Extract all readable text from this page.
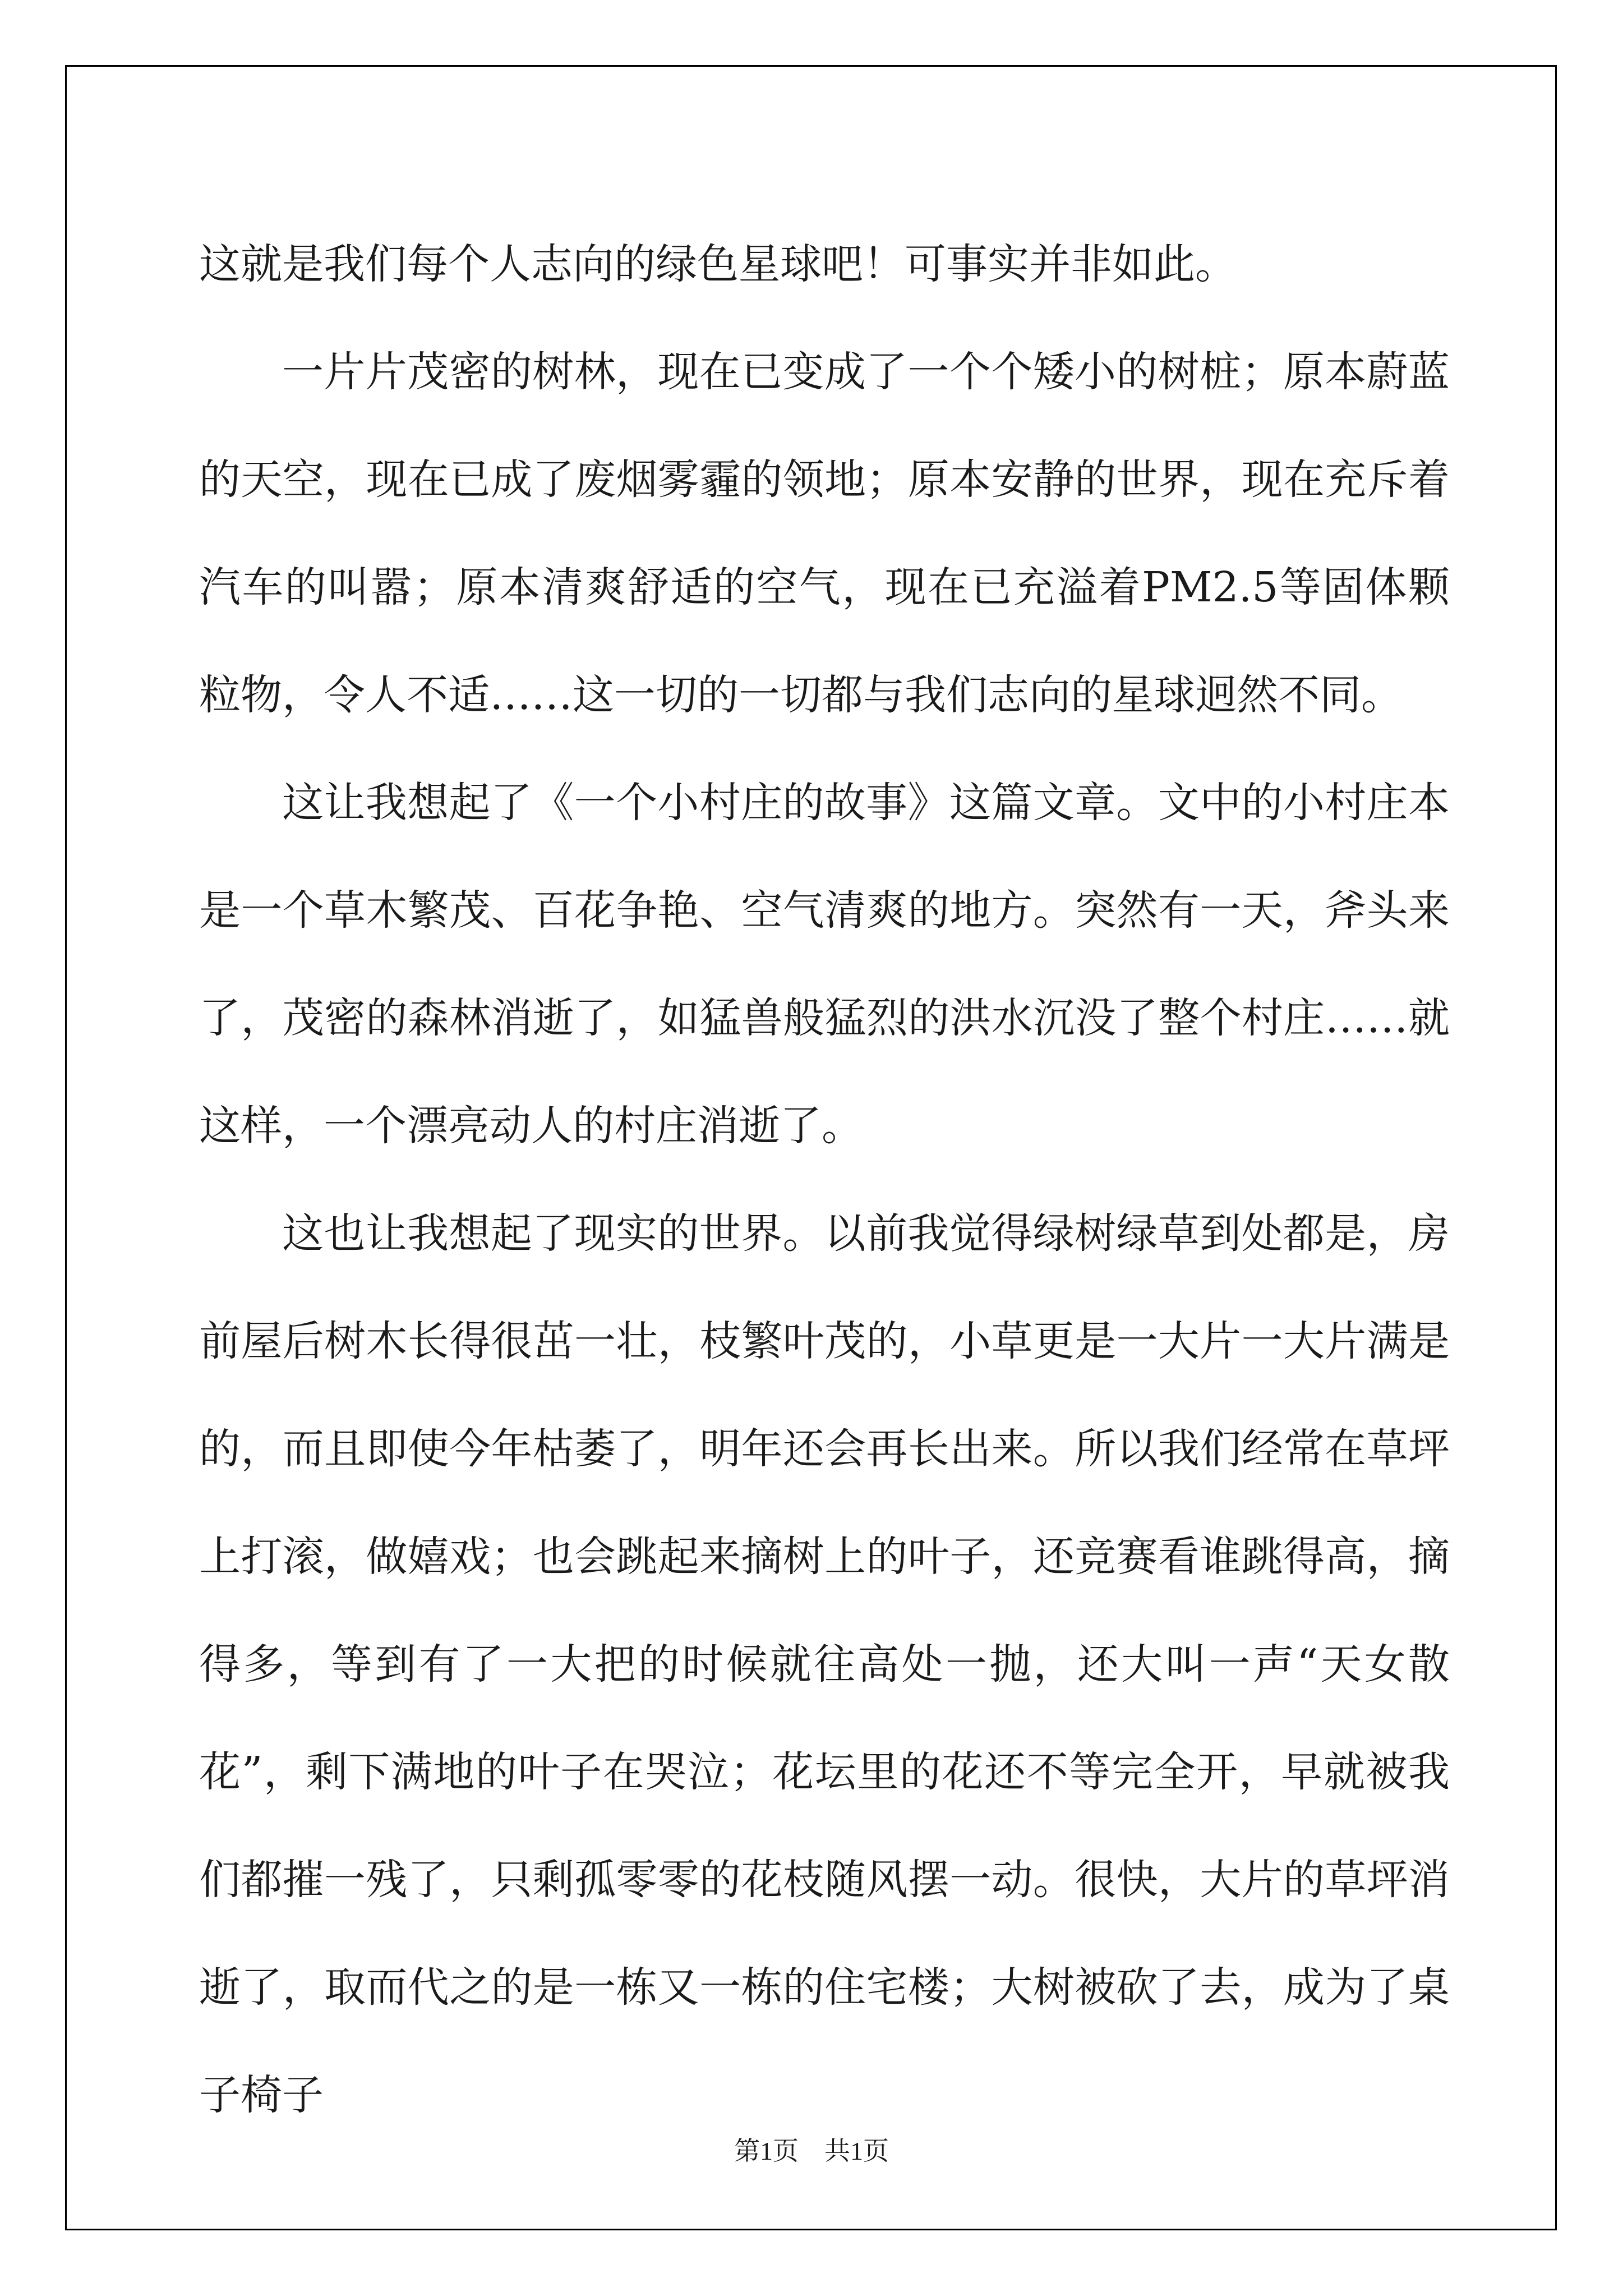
这就是我们每个人志向的绿色星球吧！可事实并非如此。

一片片茂密的树林，现在已变成了一个个矮小的树桩；原本蔚蓝的天空，现在已成了废烟雾霾的领地；原本安静的世界，现在充斥着汽车的叫嚣；原本清爽舒适的空气，现在已充溢着PM2.5等固体颗粒物，令人不适……这一切的一切都与我们志向的星球迥然不同。

这让我想起了《一个小村庄的故事》这篇文章。文中的小村庄本是一个草木繁茂、百花争艳、空气清爽的地方。突然有一天，斧头来了，茂密的森林消逝了，如猛兽般猛烈的洪水沉没了整个村庄……就这样，一个漂亮动人的村庄消逝了。

这也让我想起了现实的世界。以前我觉得绿树绿草到处都是，房前屋后树木长得很茁一壮，枝繁叶茂的，小草更是一大片一大片满是的，而且即使今年枯萎了，明年还会再长出来。所以我们经常在草坪上打滚，做嬉戏；也会跳起来摘树上的叶子，还竞赛看谁跳得高，摘得多，等到有了一大把的时候就往高处一抛，还大叫一声“天女散花”，剩下满地的叶子在哭泣；花坛里的花还不等完全开，早就被我们都摧一残了，只剩孤零零的花枝随风摆一动。很快，大片的草坪消逝了，取而代之的是一栋又一栋的住宅楼；大树被砍了去，成为了桌子椅子

第1页　共1页
